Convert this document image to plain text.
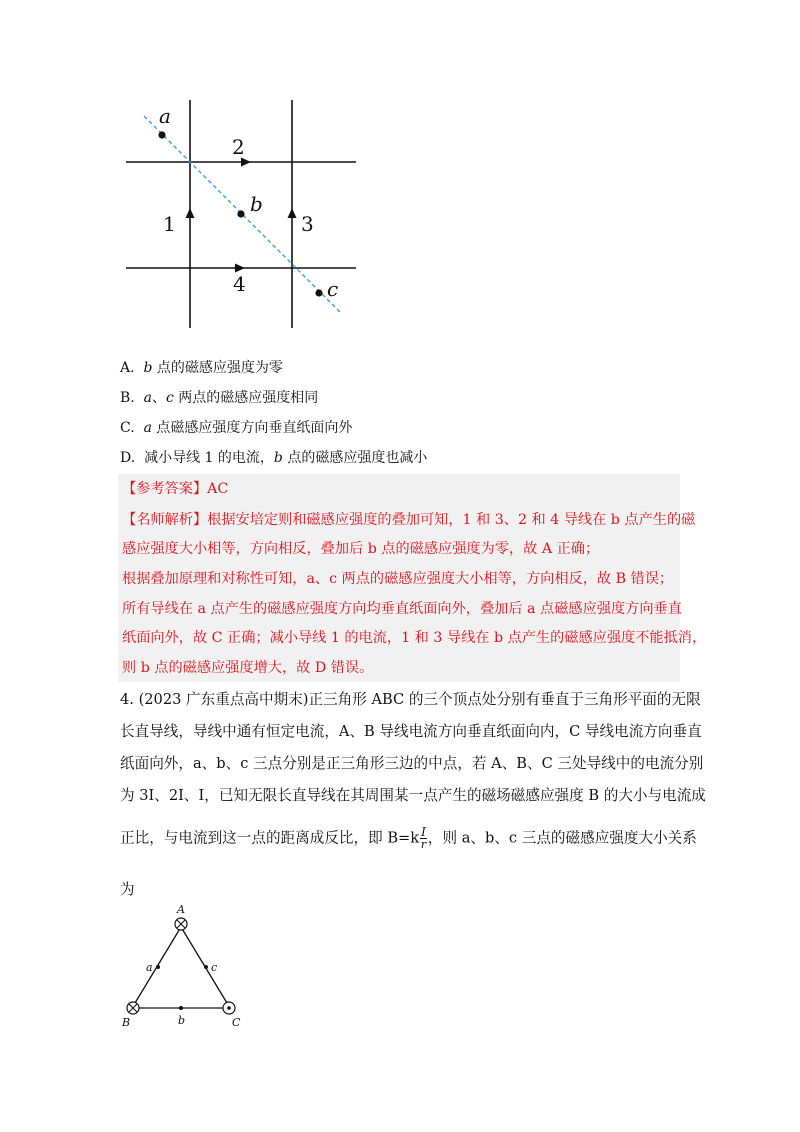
a
b
c
1
2
3
4
A. b 点的磁感应强度为零
B. a、c 两点的磁感应强度相同
C. a 点磁感应强度方向垂直纸面向外
D. 减小导线 1 的电流，b 点的磁感应强度也减小
【参考答案】AC
【名师解析】根据安培定则和磁感应强度的叠加可知，1 和 3、2 和 4 导线在 b 点产生的磁
感应强度大小相等，方向相反，叠加后 b 点的磁感应强度为零，故 A 正确；
根据叠加原理和对称性可知，a、c 两点的磁感应强度大小相等，方向相反，故 B 错误；
所有导线在 a 点产生的磁感应强度方向均垂直纸面向外，叠加后 a 点磁感应强度方向垂直
纸面向外，故 C 正确；减小导线 1 的电流，1 和 3 导线在 b 点产生的磁感应强度不能抵消，
则 b 点的磁感应强度增大，故 D 错误。
4. (2023 广东重点高中期末)正三角形 ABC 的三个顶点处分别有垂直于三角形平面的无限
长直导线，导线中通有恒定电流，A、B 导线电流方向垂直纸面向内，C 导线电流方向垂直
纸面向外，a、b、c 三点分别是正三角形三边的中点，若 A、B、C 三处导线中的电流分别
为 3I、2I、I，已知无限长直导线在其周围某一点产生的磁场磁感应强度 B 的大小与电流成
正比，与电流到这一点的距离成反比，即 $B=k \frac{I}{r}$ ，则 a、b、c 三点的磁感应强度大小关系
为
A
B	C
a
b
c
